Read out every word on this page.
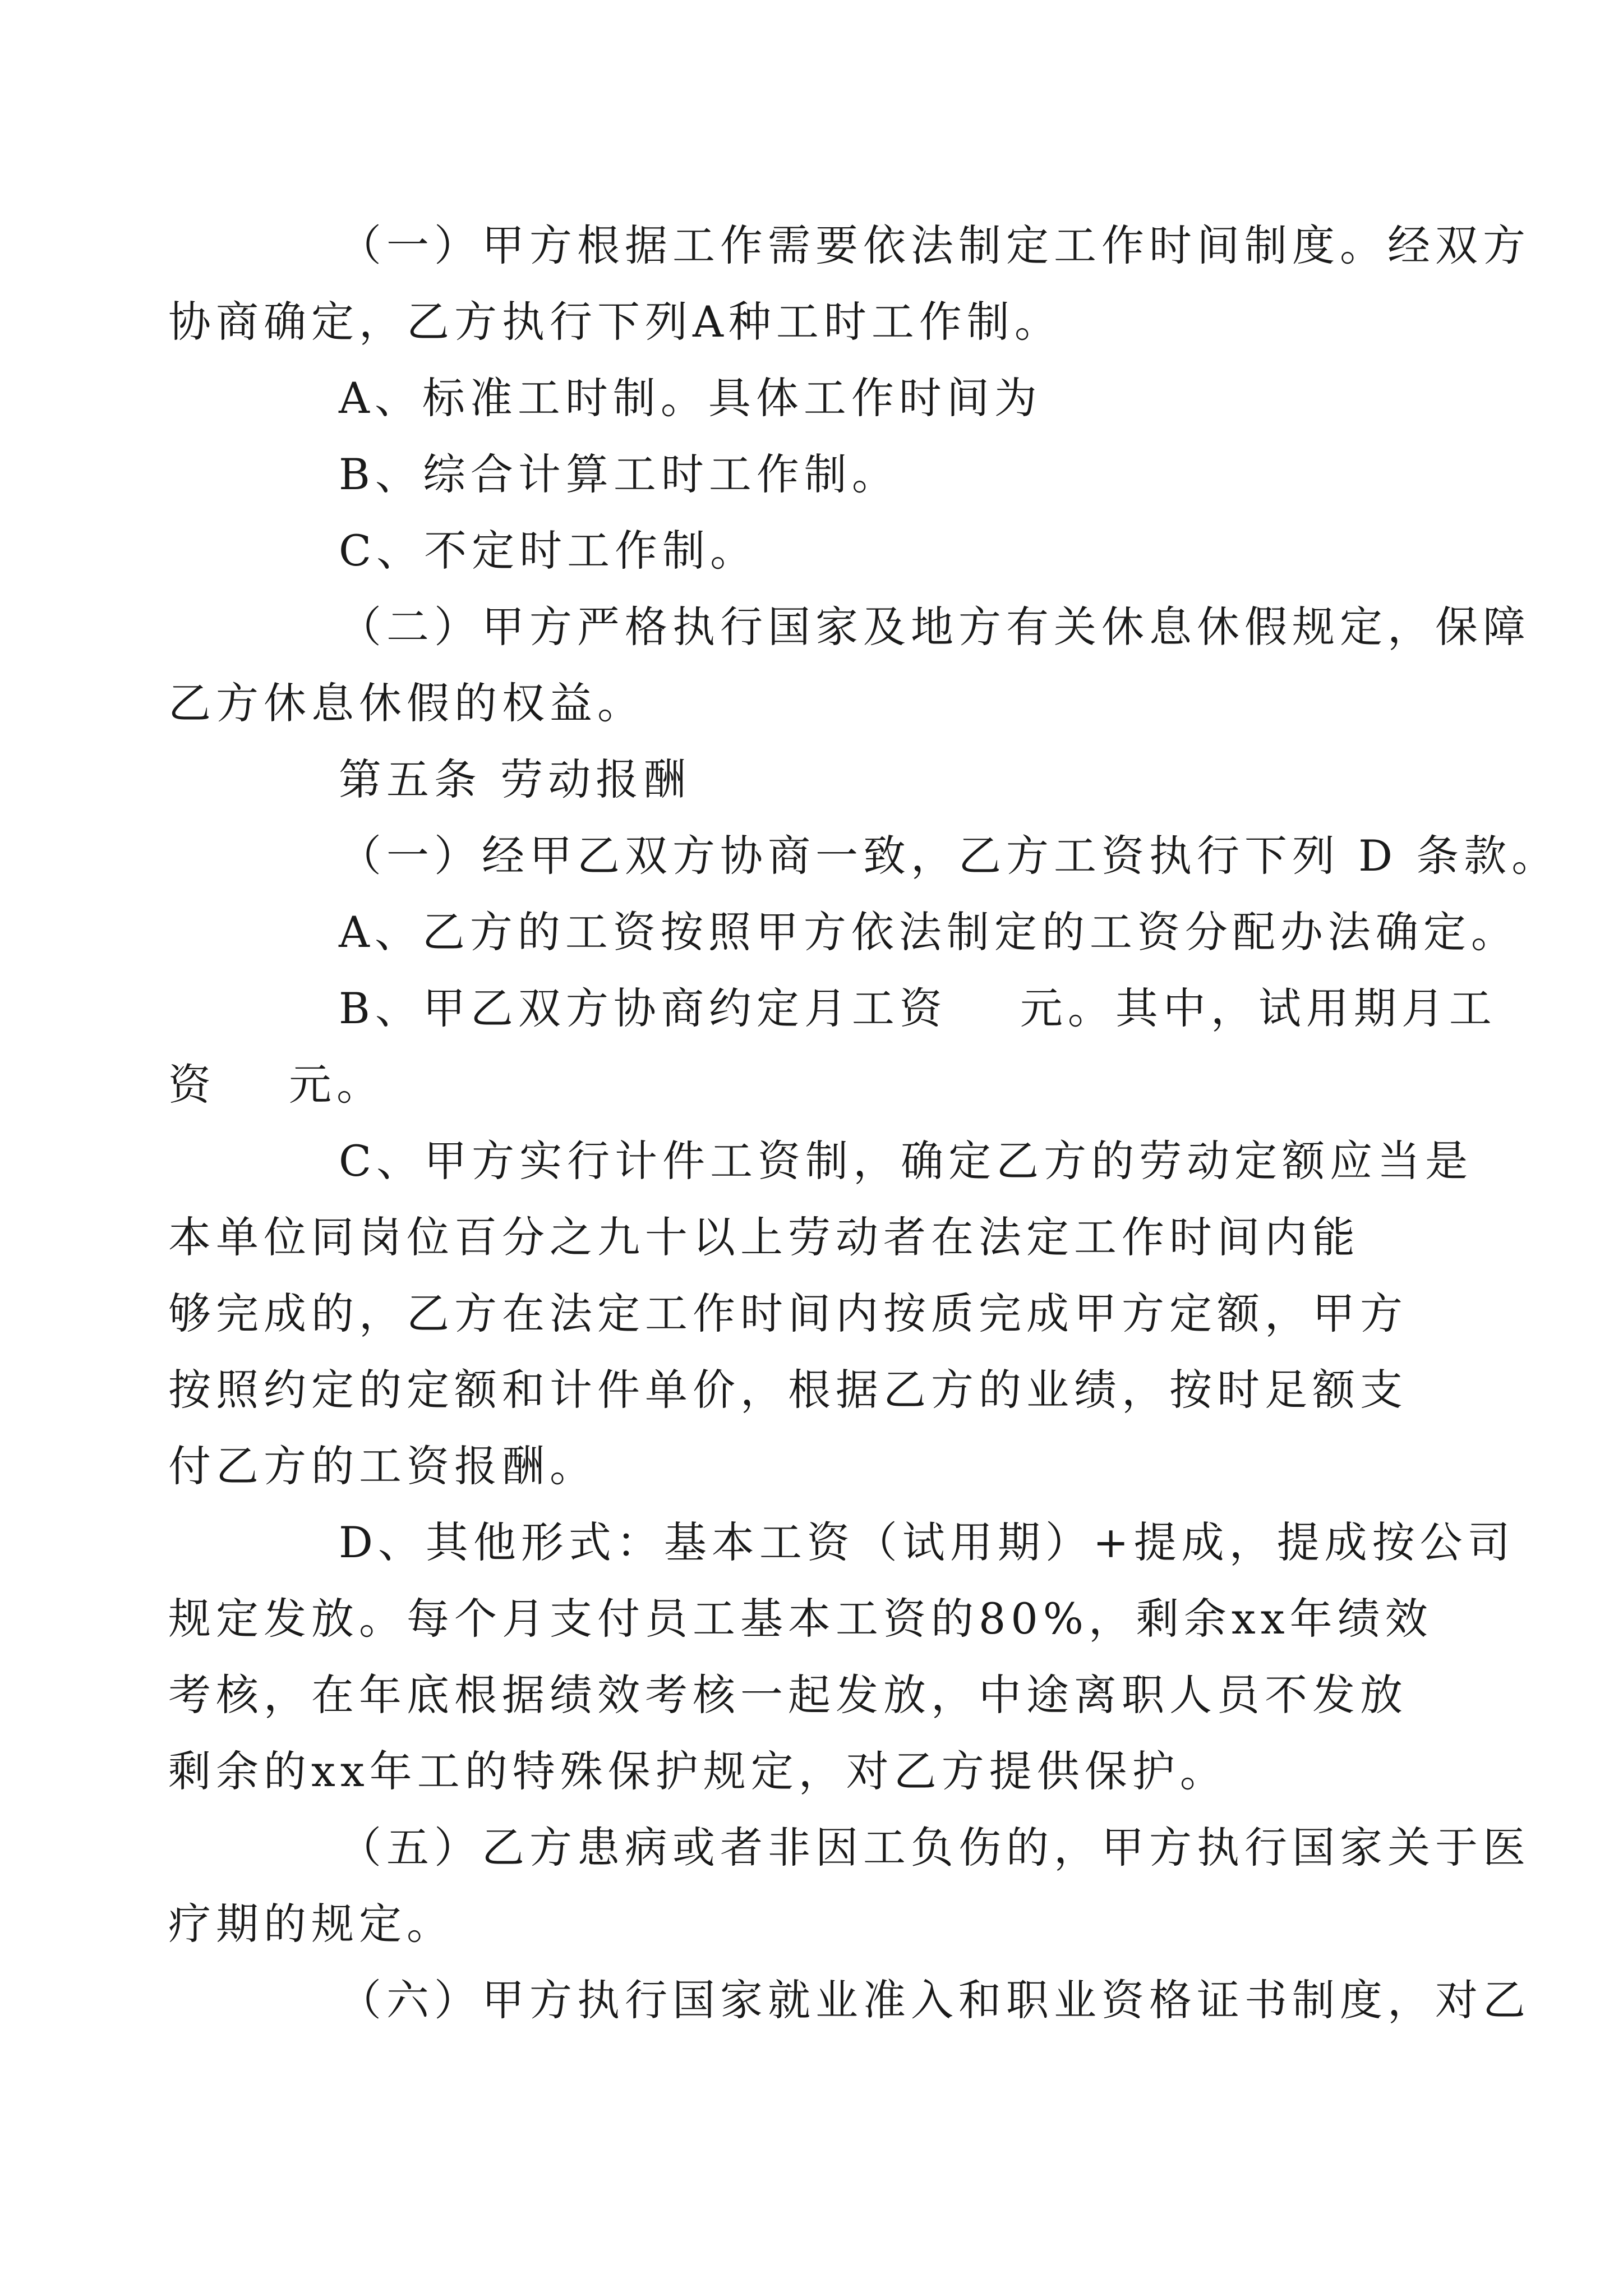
（一）甲方根据工作需要依法制定工作时间制度。经双方
协商确定，乙方执行下列A种工时工作制。

A、标准工时制。具体工作时间为

B、综合计算工时工作制。

C、不定时工作制。

（二）甲方严格执行国家及地方有关休息休假规定，保障
乙方休息休假的权益。

第五条 劳动报酬

（一）经甲乙双方协商一致，乙方工资执行下列 D 条款。

A、乙方的工资按照甲方依法制定的工资分配办法确定。

B、甲乙双方协商约定月工资 元。其中，试用期月工
资 元。

C、甲方实行计件工资制，确定乙方的劳动定额应当是
本单位同岗位百分之九十以上劳动者在法定工作时间内能
够完成的，乙方在法定工作时间内按质完成甲方定额，甲方
按照约定的定额和计件单价，根据乙方的业绩，按时足额支
付乙方的工资报酬。

D、其他形式：基本工资（试用期）+提成，提成按公司
规定发放。每个月支付员工基本工资的80%，剩余xx年绩效
考核，在年底根据绩效考核一起发放，中途离职人员不发放
剩余的xx年工的特殊保护规定，对乙方提供保护。

（五）乙方患病或者非因工负伤的，甲方执行国家关于医
疗期的规定。

（六）甲方执行国家就业准入和职业资格证书制度，对乙
